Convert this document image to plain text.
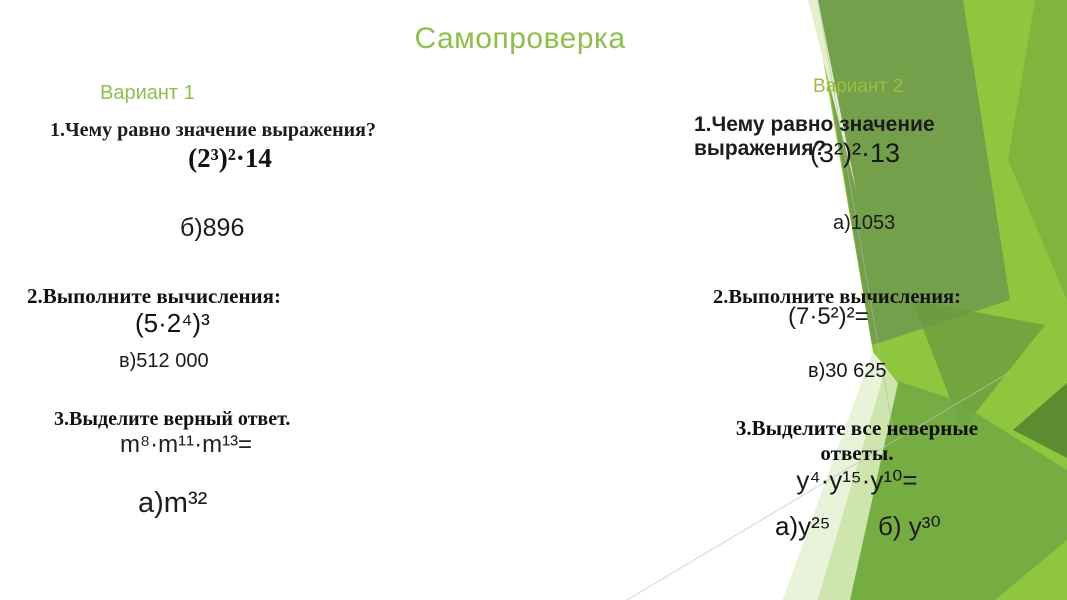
Самопроверка
Вариант 1
1.Чему равно значение выражения?
(2³)²·14
б)896
2.Выполните вычисления:
(5·2⁴)³
в)512 000
3.Выделите верный ответ.
m⁸·m¹¹·m¹³=
а)m³²
Вариант 2
1.Чему равно значение выражения?
(3²)²·13
а)1053
2.Выполните вычисления:
(7·5²)²=
в)30 625
3.Выделите все неверные ответы.
y⁴·y¹⁵·y¹⁰=
а)y²⁵ б) y³⁰
